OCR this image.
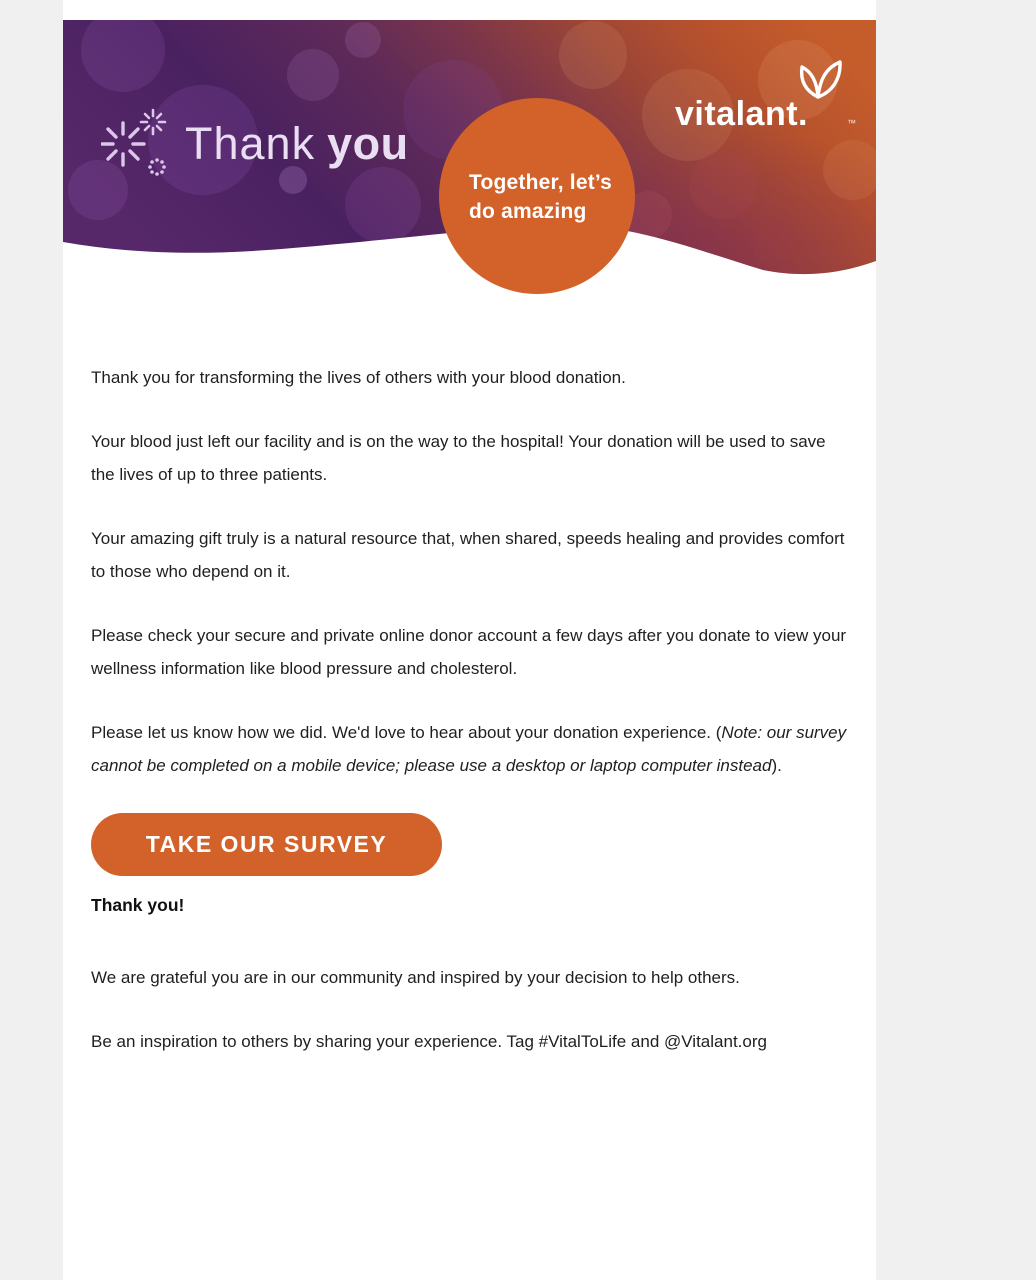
Thank you
vitalant.	™
Together, let’s
do amazing

Thank you for transforming the lives of others with your blood donation.

Your blood just left our facility and is on the way to the hospital! Your donation will be used to save the lives of up to three patients.

Your amazing gift truly is a natural resource that, when shared, speeds healing and provides comfort to those who depend on it.

Please check your secure and private online donor account a few days after you donate to view your wellness information like blood pressure and cholesterol.

Please let us know how we did. We'd love to hear about your donation experience. (Note: our survey cannot be completed on a mobile device; please use a desktop or laptop computer instead).

TAKE OUR SURVEY
Thank you!

We are grateful you are in our community and inspired by your decision to help others.

Be an inspiration to others by sharing your experience. Tag #VitalToLife and @Vitalant.org
